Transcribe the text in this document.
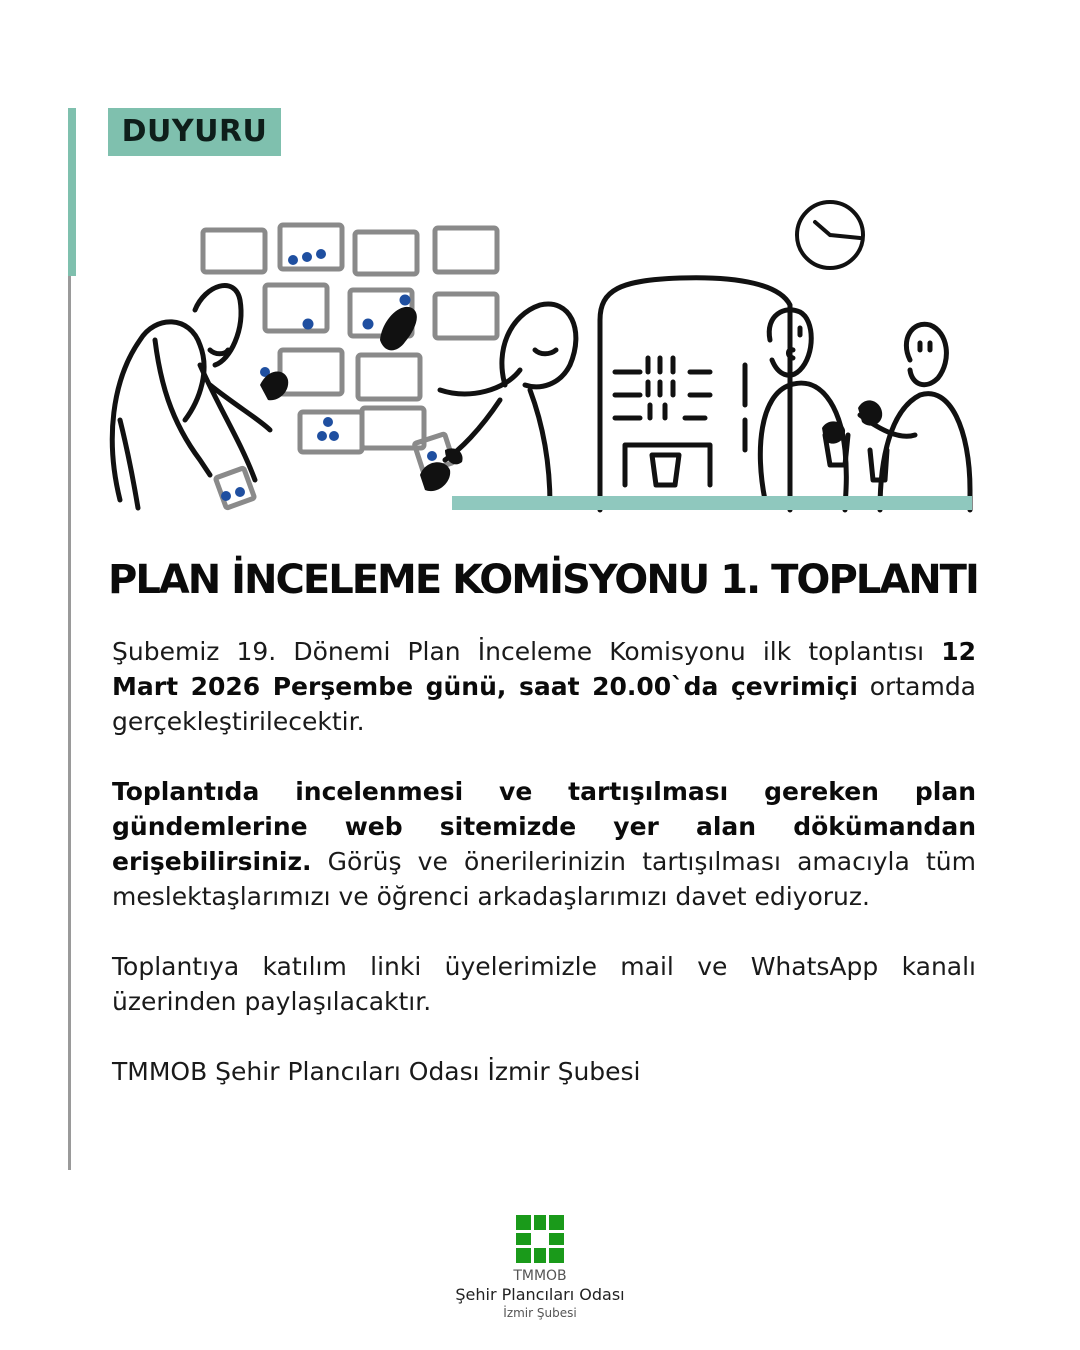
DUYURU
PLAN İNCELEME KOMİSYONU 1. TOPLANTI

Şubemiz 19. Dönemi Plan İnceleme Komisyonu ilk toplantısı 12 Mart 2026 Perşembe günü, saat 20.00`da çevrimiçi ortamda gerçekleştirilecektir.

Toplantıda incelenmesi ve tartışılması gereken plan gündemlerine web sitemizde yer alan dökümandan erişebilirsiniz. Görüş ve önerilerinizin tartışılması amacıyla tüm meslektaşlarımızı ve öğrenci arkadaşlarımızı davet ediyoruz.

Toplantıya katılım linki üyelerimizle mail ve WhatsApp kanalı üzerinden paylaşılacaktır.

TMMOB Şehir Plancıları Odası İzmir Şubesi

TMMOB
Şehir Plancıları Odası
İzmir Şubesi
